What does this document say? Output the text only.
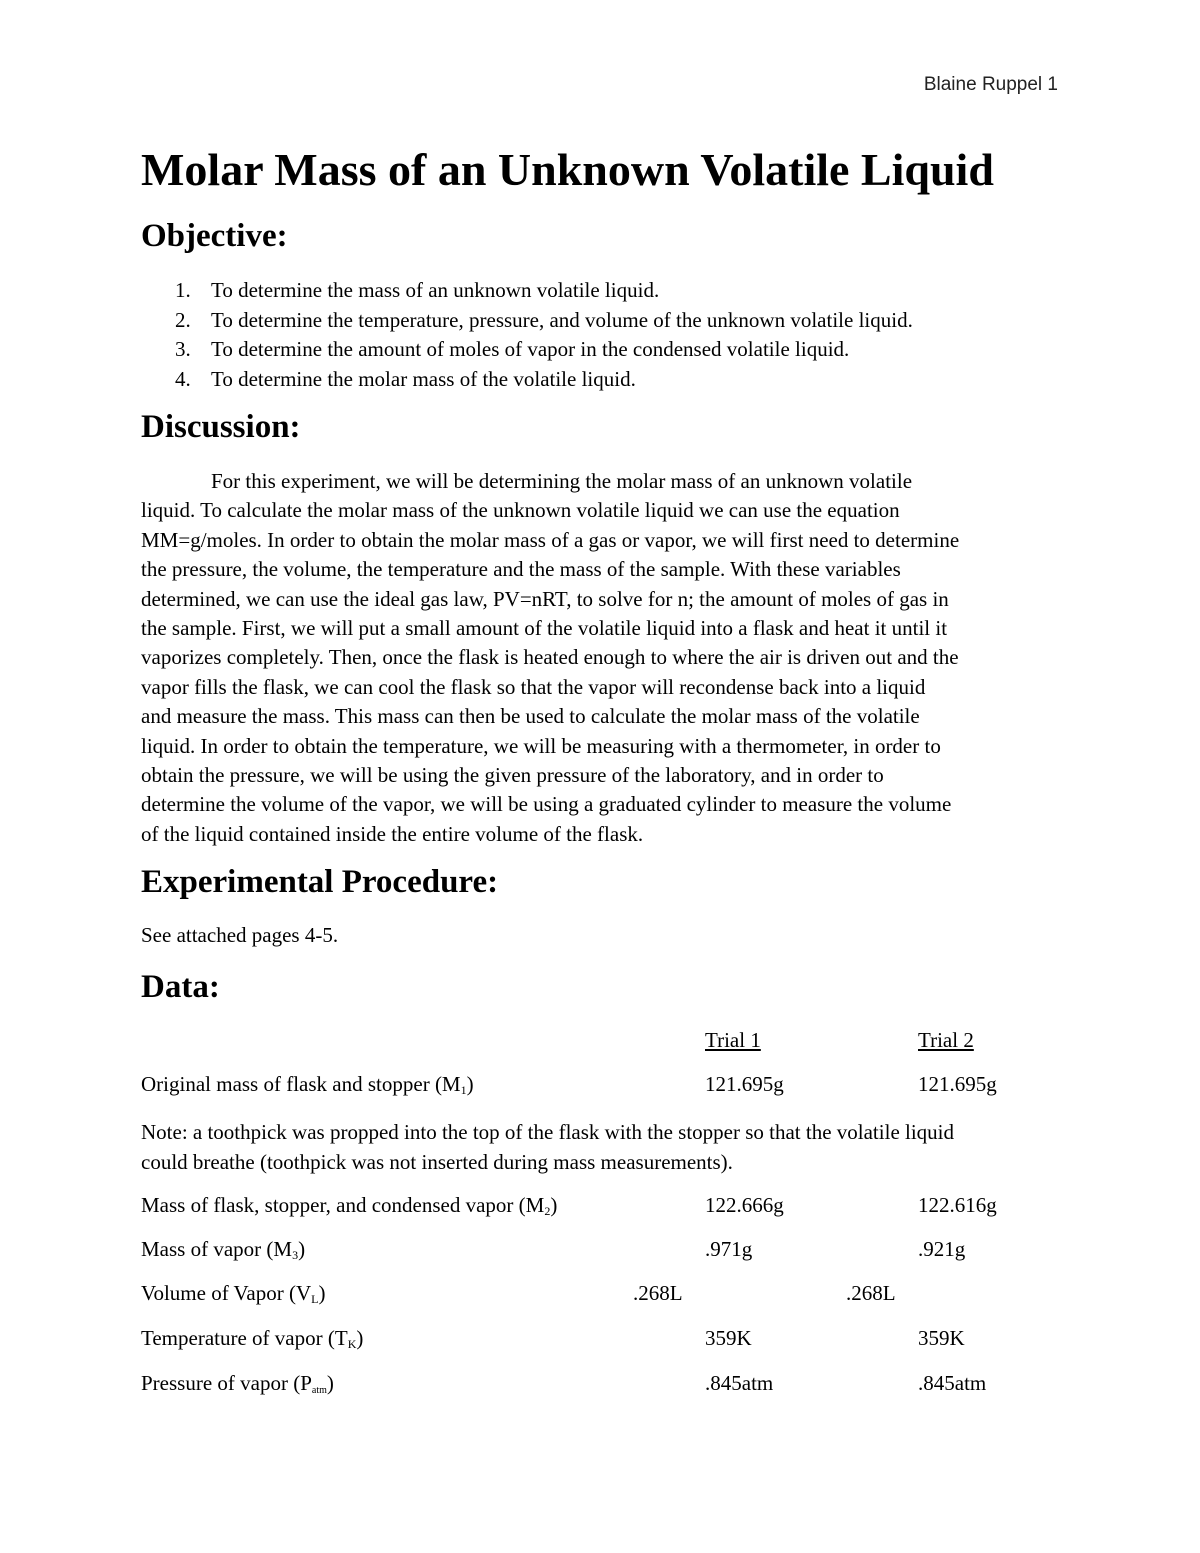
Blaine Ruppel 1
Molar Mass of an Unknown Volatile Liquid
Objective:
1. To determine the mass of an unknown volatile liquid.
2. To determine the temperature, pressure, and volume of the unknown volatile liquid.
3. To determine the amount of moles of vapor in the condensed volatile liquid.
4. To determine the molar mass of the volatile liquid.
Discussion:
For this experiment, we will be determining the molar mass of an unknown volatile
liquid. To calculate the molar mass of the unknown volatile liquid we can use the equation
MM=g/moles. In order to obtain the molar mass of a gas or vapor, we will first need to determine
the pressure, the volume, the temperature and the mass of the sample. With these variables
determined, we can use the ideal gas law, PV=nRT, to solve for n; the amount of moles of gas in
the sample. First, we will put a small amount of the volatile liquid into a flask and heat it until it
vaporizes completely. Then, once the flask is heated enough to where the air is driven out and the
vapor fills the flask, we can cool the flask so that the vapor will recondense back into a liquid
and measure the mass. This mass can then be used to calculate the molar mass of the volatile
liquid. In order to obtain the temperature, we will be measuring with a thermometer, in order to
obtain the pressure, we will be using the given pressure of the laboratory, and in order to
determine the volume of the vapor, we will be using a graduated cylinder to measure the volume
of the liquid contained inside the entire volume of the flask.
Experimental Procedure:
See attached pages 4-5.
Data:
Trial 1	Trial 2
Original mass of flask and stopper $(M_1)$	121.695g	121.695g
Note: a toothpick was propped into the top of the flask with the stopper so that the volatile liquid
could breathe (toothpick was not inserted during mass measurements).
Mass of flask, stopper, and condensed vapor $(M_2)$	122.666g	122.616g
Mass of vapor $(M_3)$	.971g	.921g
Volume of Vapor $(V_L)$	.268L	.268L
Temperature of vapor $(T_K)$	359K	359K
Pressure of vapor $(P_{atm})$	.845atm	.845atm
